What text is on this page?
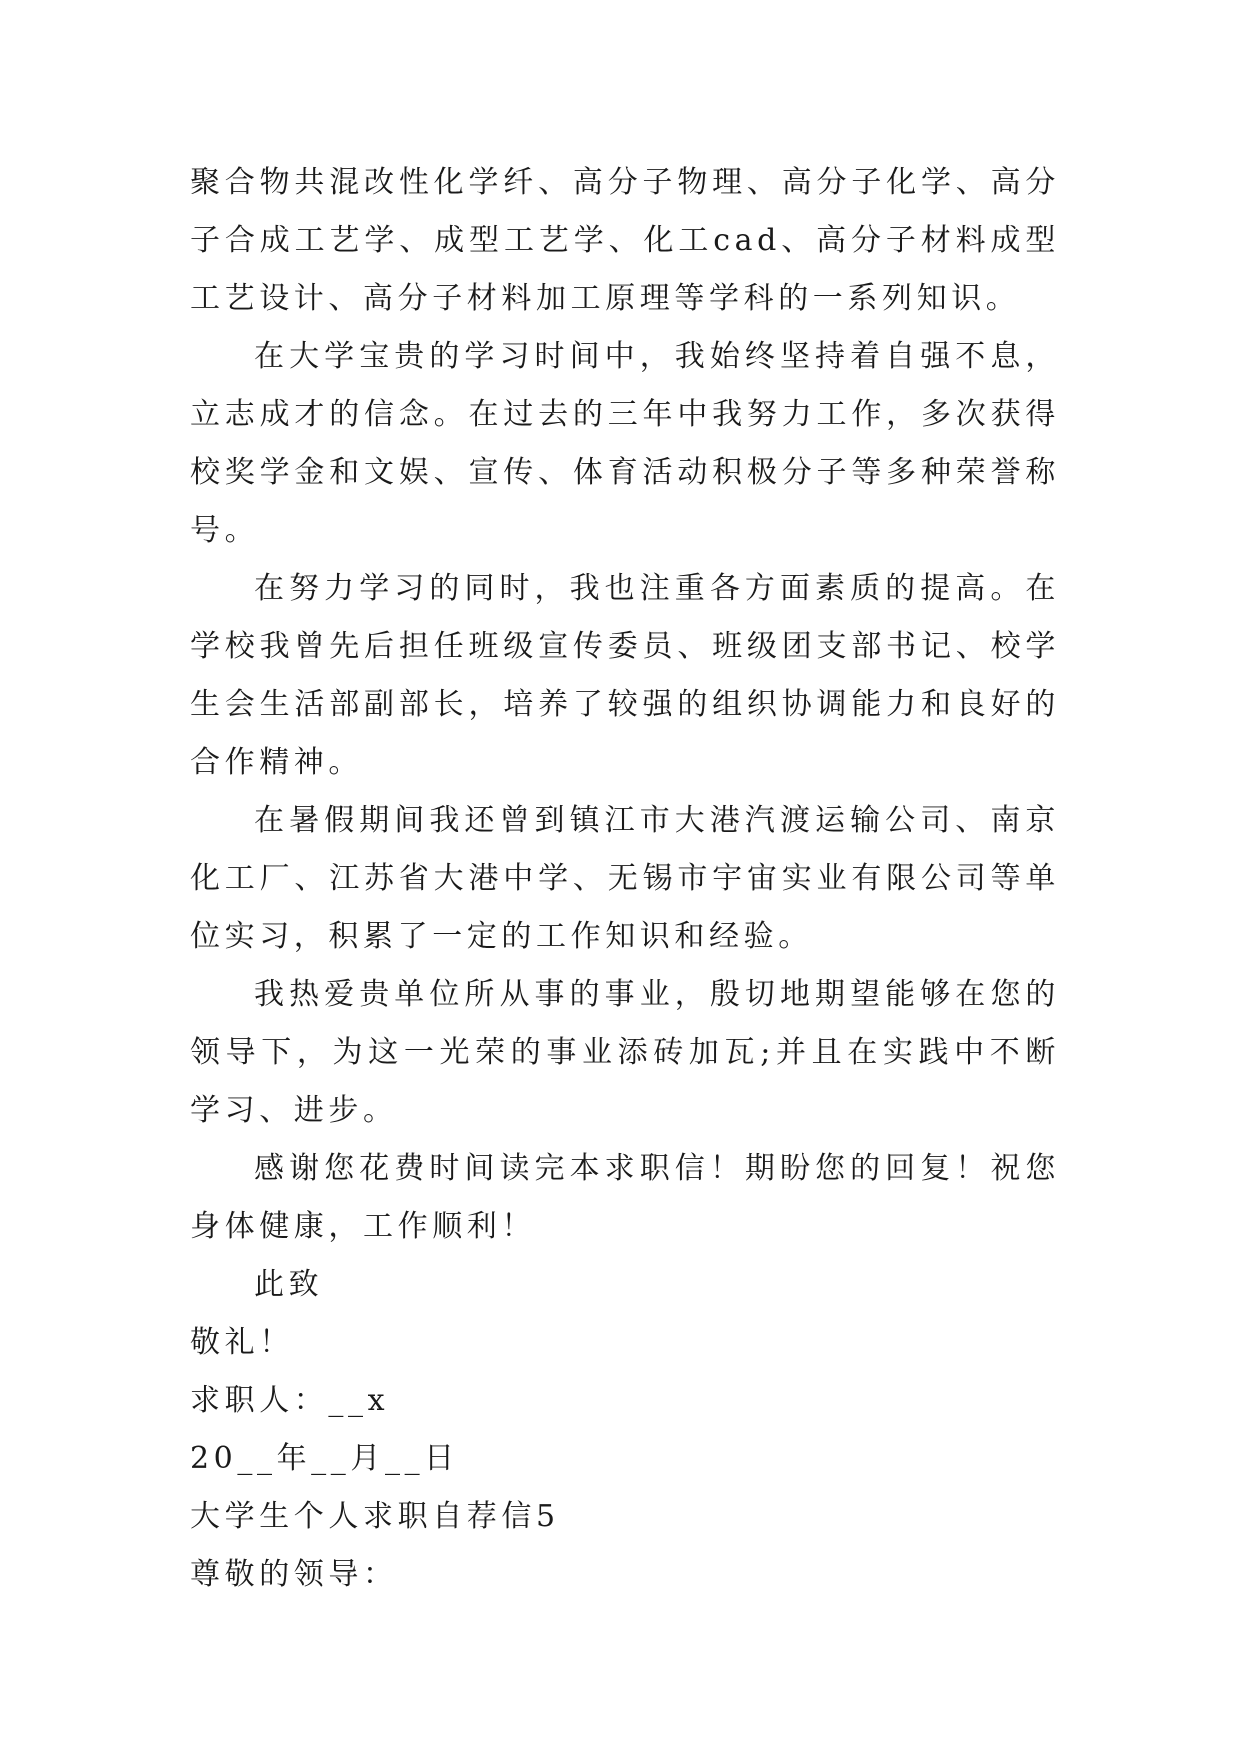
聚合物共混改性化学纤、高分子物理、高分子化学、高分子合成工艺学、成型工艺学、化工cad、高分子材料成型工艺设计、高分子材料加工原理等学科的一系列知识。

在大学宝贵的学习时间中，我始终坚持着自强不息，立志成才的信念。在过去的三年中我努力工作，多次获得校奖学金和文娱、宣传、体育活动积极分子等多种荣誉称号。

在努力学习的同时，我也注重各方面素质的提高。在学校我曾先后担任班级宣传委员、班级团支部书记、校学生会生活部副部长，培养了较强的组织协调能力和良好的合作精神。

在暑假期间我还曾到镇江市大港汽渡运输公司、南京化工厂、江苏省大港中学、无锡市宇宙实业有限公司等单位实习，积累了一定的工作知识和经验。

我热爱贵单位所从事的事业，殷切地期望能够在您的领导下，为这一光荣的事业添砖加瓦;并且在实践中不断学习、进步。

感谢您花费时间读完本求职信！期盼您的回复！祝您身体健康，工作顺利！

此致

敬礼！

求职人：__x

20__年__月__日

大学生个人求职自荐信5

尊敬的领导：
